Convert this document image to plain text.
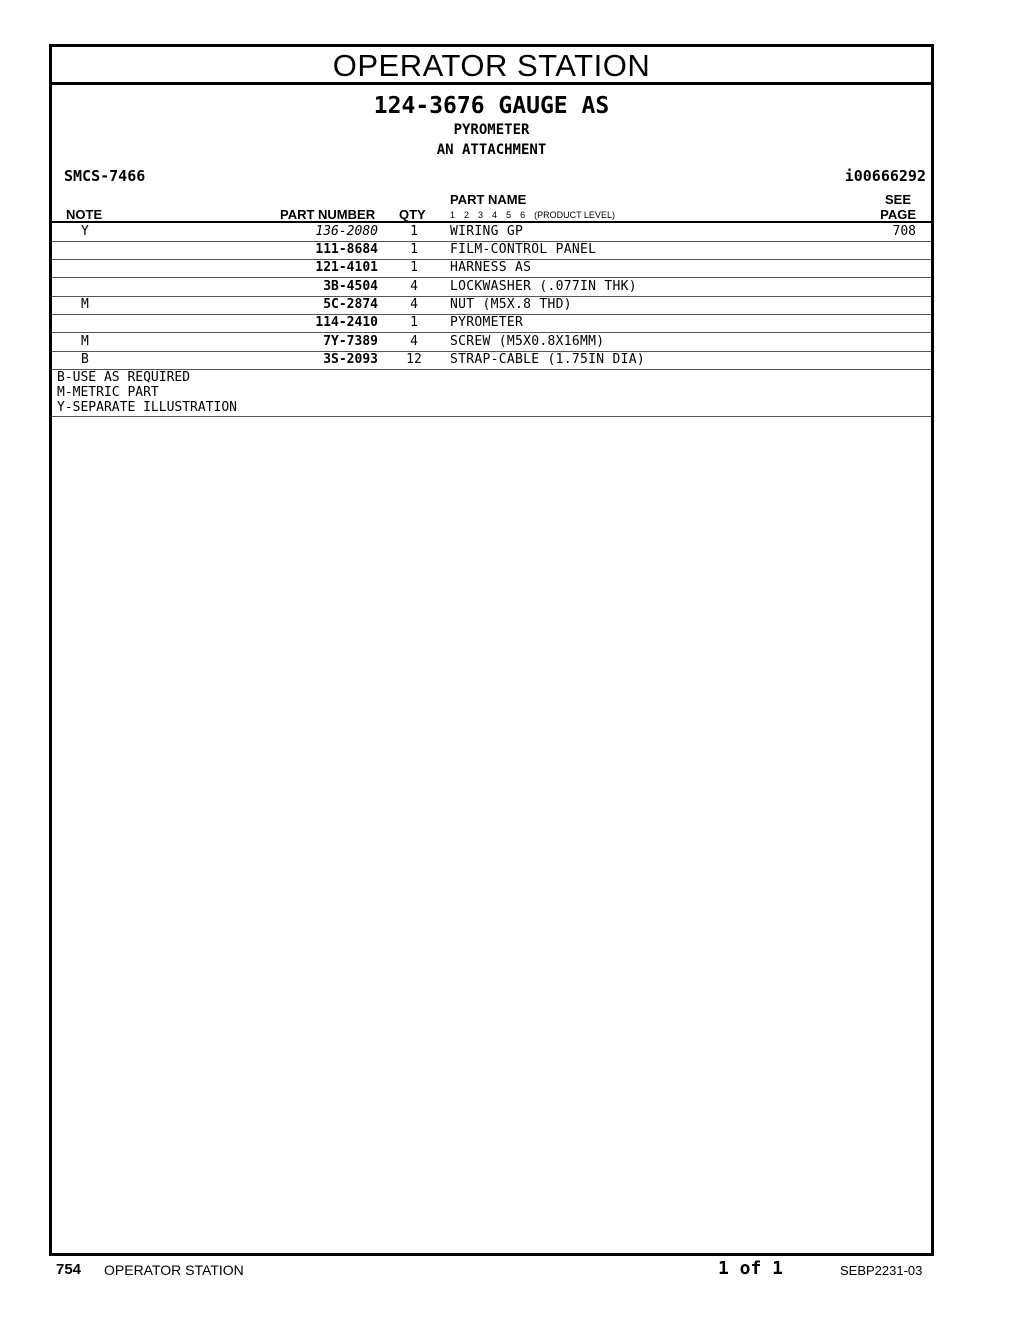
OPERATOR STATION
124-3676 GAUGE AS
PYROMETER
AN ATTACHMENT
SMCS-7466	i00666292
NOTE	PART NUMBER QTY
PART NAME
1 2 3 4 5 6 (PRODUCT LEVEL)
SEE
PAGE
Y	136-2080	1	WIRING GP	708
111-8684	1	FILM-CONTROL PANEL
121-4101	1	HARNESS AS
3B-4504	4	LOCKWASHER (.077IN THK)
M	5C-2874	4	NUT (M5X.8 THD)
114-2410	1	PYROMETER
M	7Y-7389	4	SCREW (M5X0.8X16MM)
B	3S-2093	12	STRAP-CABLE (1.75IN DIA)
B-USE AS REQUIRED
M-METRIC PART
Y-SEPARATE ILLUSTRATION
754 OPERATOR STATION	1 of 1	SEBP2231-03
